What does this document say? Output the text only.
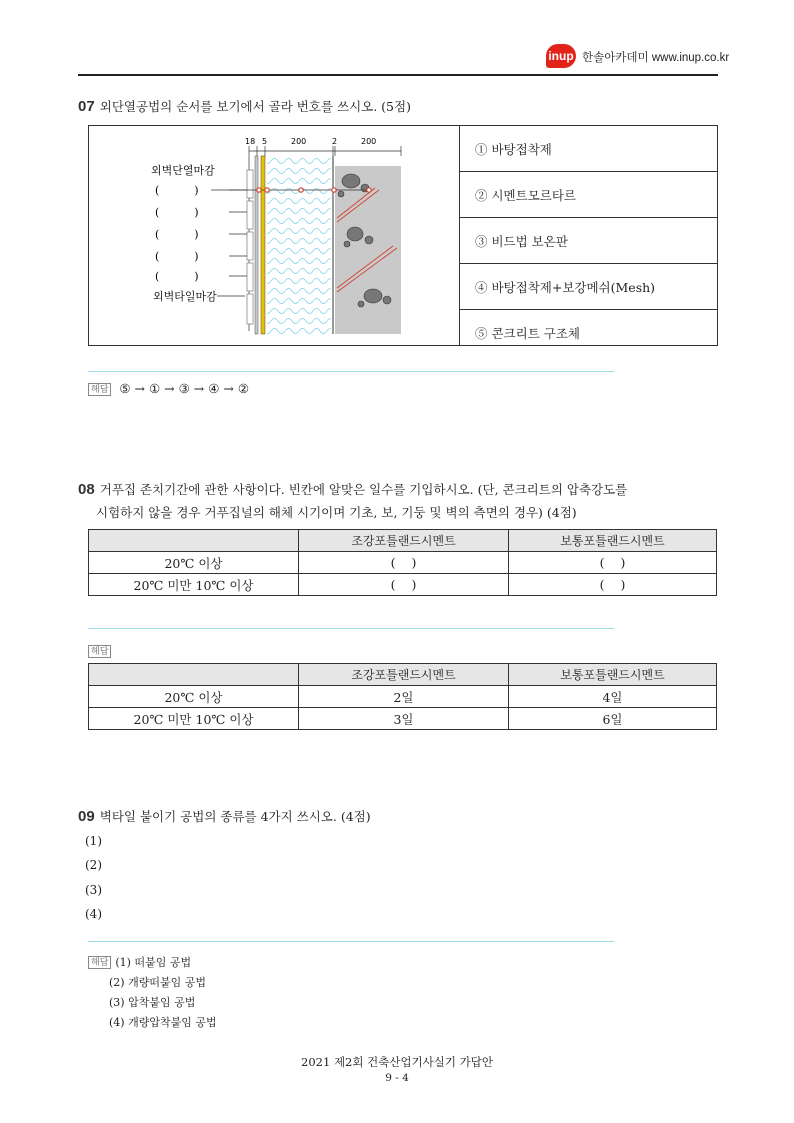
inup 한솔아카데미 www.inup.co.kr
07 외단열공법의 순서를 보기에서 골라 번호를 쓰시오. (5점)
18 5	200	2	200
외벽단열마감
(          )
(          )
(          )
(          )
(          )
외벽타일마감
① 바탕접착제
② 시멘트모르타르
③ 비드법 보온판
④ 바탕접착제+보강메쉬(Mesh)
⑤ 콘크리트 구조체
해답 ⑤ → ① → ③ → ④ → ②
08 거푸집 존치기간에 관한 사항이다. 빈칸에 알맞은 일수를 기입하시오. (단, 콘크리트의 압축강도를
시험하지 않을 경우 거푸집널의 해체 시기이며 기초, 보, 기둥 및 벽의 측면의 경우) (4점)
	조강포틀랜드시멘트	보통포틀랜드시멘트
20℃ 이상	(    )	(    )
20℃ 미만 10℃ 이상	(    )	(    )
해답
	조강포틀랜드시멘트	보통포틀랜드시멘트
20℃ 이상	2일	4일
20℃ 미만 10℃ 이상	3일	6일
09 벽타일 붙이기 공법의 종류를 4가지 쓰시오. (4점)
(1)
(2)
(3)
(4)
해답 (1) 떠붙임 공법
(2) 개량떠붙임 공법
(3) 압착붙임 공법
(4) 개량압착붙임 공법
2021 제2회 건축산업기사실기 가답안
9 - 4
